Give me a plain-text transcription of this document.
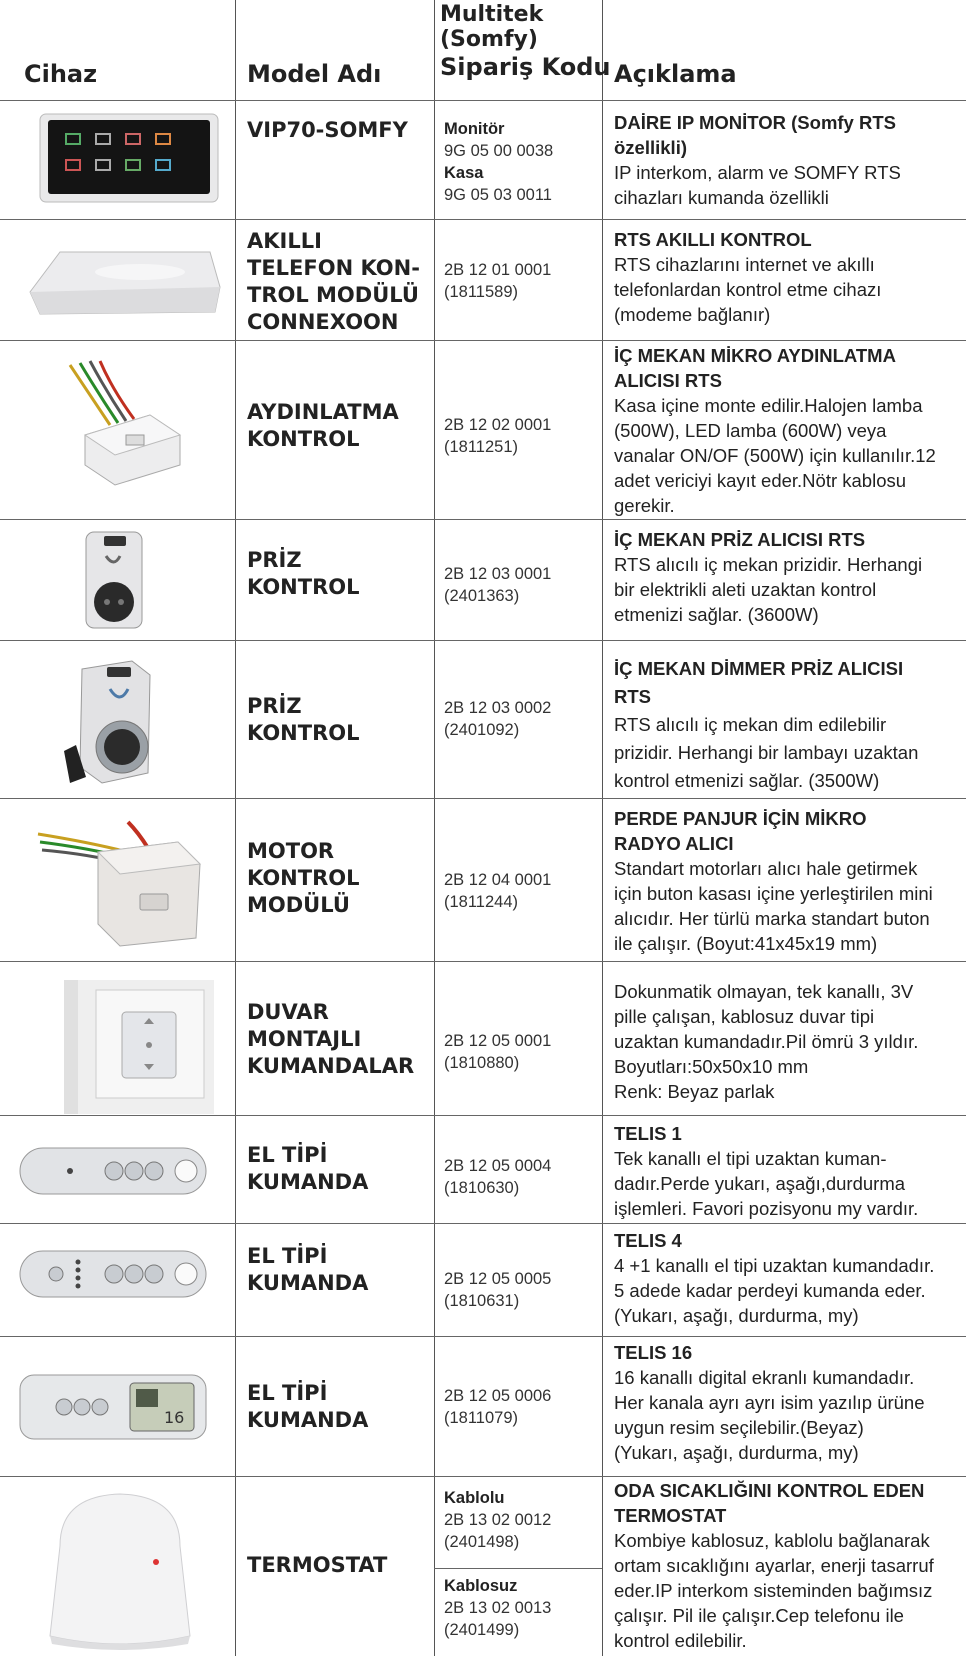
Cihaz	Model Adı
Multitek
(Somfy)
Sipariş Kodu Açıklama
VIP70-SOMFY Monitör
9G 05 00 0038
Kasa
9G 05 03 0011
DAİRE IP MONİTOR (Somfy RTS
özellikli)
IP interkom, alarm ve SOMFY RTS
cihazları kumanda özellikli
AKILLI
TELEFON KON-
TROL MODÜLÜ
CONNEXOON
2B 12 01 0001
(1811589)
RTS AKILLI KONTROL
RTS cihazlarını internet ve akıllı
telefonlardan kontrol etme cihazı
(modeme bağlanır)
AYDINLATMA
KONTROL
2B 12 02 0001
(1811251)
İÇ MEKAN MİKRO AYDINLATMA
ALICISI RTS
Kasa içine monte edilir.Halojen lamba
(500W), LED lamba (600W) veya
vanalar ON/OF (500W) için kullanılır.12
adet vericiyi kayıt eder.Nötr kablosu
gerekir.
PRİZ
KONTROL
2B 12 03 0001
(2401363)
İÇ MEKAN PRİZ ALICISI RTS
RTS alıcılı iç mekan prizidir. Herhangi
bir elektrikli aleti uzaktan kontrol
etmenizi sağlar. (3600W)
PRİZ
KONTROL
2B 12 03 0002
(2401092)
İÇ MEKAN DİMMER PRİZ ALICISI
RTS
RTS alıcılı iç mekan dim edilebilir
prizidir. Herhangi bir lambayı uzaktan
kontrol etmenizi sağlar. (3500W)
MOTOR
KONTROL
MODÜLÜ
2B 12 04 0001
(1811244)
PERDE PANJUR İÇİN MİKRO
RADYO ALICI
Standart motorları alıcı hale getirmek
için buton kasası içine yerleştirilen mini
alıcıdır. Her türlü marka standart buton
ile çalışır. (Boyut:41x45x19 mm)
DUVAR
MONTAJLI
KUMANDALAR
2B 12 05 0001
(1810880)
Dokunmatik olmayan, tek kanallı, 3V
pille çalışan, kablosuz duvar tipi
uzaktan kumandadır.Pil ömrü 3 yıldır.
Boyutları:50x50x10 mm
Renk: Beyaz parlak
EL TİPİ
KUMANDA
2B 12 05 0004
(1810630)
TELIS 1
Tek kanallı el tipi uzaktan kuman-
dadır.Perde yukarı, aşağı,durdurma
işlemleri. Favori pozisyonu my vardır.
EL TİPİ
KUMANDA	2B 12 05 0005
(1810631)
TELIS 4
4 +1 kanallı el tipi uzaktan kumandadır.
5 adede kadar perdeyi kumanda eder.
(Yukarı, aşağı, durdurma, my)
16
EL TİPİ
KUMANDA
2B 12 05 0006
(1811079)
TELIS 16
16 kanallı digital ekranlı kumandadır.
Her kanala ayrı ayrı isim yazılıp ürüne
uygun resim seçilebilir.(Beyaz)
(Yukarı, aşağı, durdurma, my)
TERMOSTAT
Kablolu
2B 13 02 0012
(2401498)
Kablosuz
2B 13 02 0013
(2401499)
ODA SICAKLIĞINI KONTROL EDEN
TERMOSTAT
Kombiye kablosuz, kablolu bağlanarak
ortam sıcaklığını ayarlar, enerji tasarruf
eder.IP interkom sisteminden bağımsız
çalışır. Pil ile çalışır.Cep telefonu ile
kontrol edilebilir.
